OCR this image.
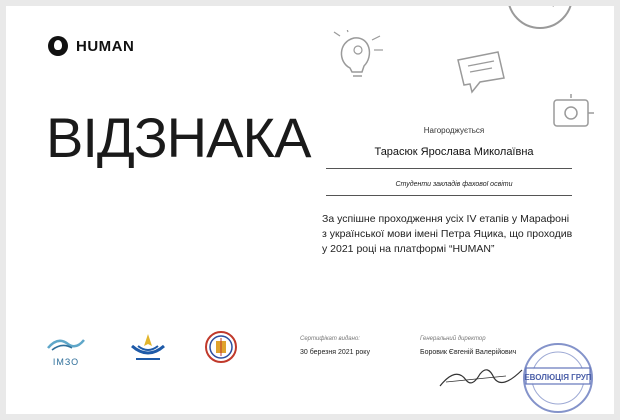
HUMAN
ВІДЗНАКА	Нагороджується
Тарасюк Ярослава Миколаївна
Студенти закладів фахової освіти
За успішне проходження усіх IV етапів у Марафоні з української мови імені Петра Яцика, що проходив у 2021 році на платформі “HUMAN”
ІМЗО
Сертифікат видано:
30 березня 2021 року
Генеральний директор
Боровик Євгеній Валерійович
ЕВОЛЮЦІЯ ГРУП
